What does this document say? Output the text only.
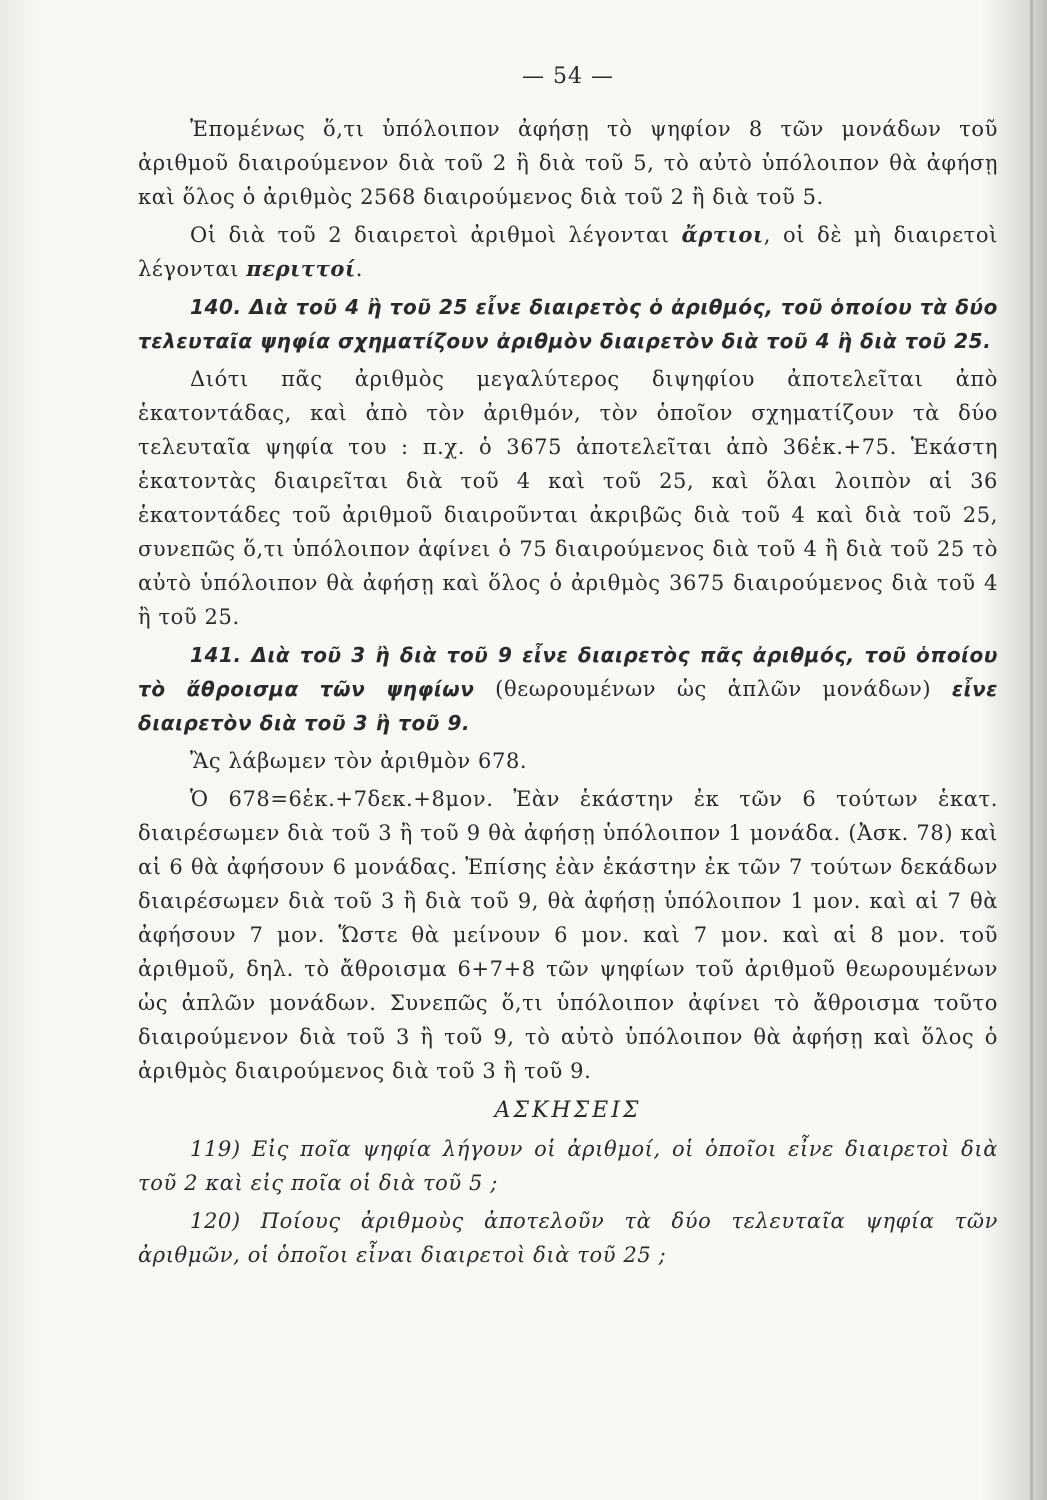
— 54 —

Ἐπομένως ὅ,τι ὑπόλοιπον ἀφήσῃ τὸ ψηφίον 8 τῶν μονάδων τοῦ ἀριθμοῦ διαιρούμενον διὰ τοῦ 2 ἢ διὰ τοῦ 5, τὸ αὐτὸ ὑπόλοιπον θὰ ἀφήσῃ καὶ ὅλος ὁ ἀριθμὸς 2568 διαιρούμενος διὰ τοῦ 2 ἢ διὰ τοῦ 5.

Οἱ διὰ τοῦ 2 διαιρετοὶ ἀριθμοὶ λέγονται ἄρτιοι, οἱ δὲ μὴ διαιρετοὶ λέγονται περιττοί.

140. Διὰ τοῦ 4 ἢ τοῦ 25 εἶνε διαιρετὸς ὁ ἀριθμός, τοῦ ὁποίου τὰ δύο τελευταῖα ψηφία σχηματίζουν ἀριθμὸν διαιρετὸν διὰ τοῦ 4 ἢ διὰ τοῦ 25.

Διότι πᾶς ἀριθμὸς μεγαλύτερος διψηφίου ἀποτελεῖται ἀπὸ ἑκατοντάδας, καὶ ἀπὸ τὸν ἀριθμόν, τὸν ὁποῖον σχηματίζουν τὰ δύο τελευταῖα ψηφία του : π.χ. ὁ 3675 ἀποτελεῖται ἀπὸ 36ἑκ.+75. Ἑκάστη ἑκατοντὰς διαιρεῖται διὰ τοῦ 4 καὶ τοῦ 25, καὶ ὅλαι λοιπὸν αἱ 36 ἑκατοντάδες τοῦ ἀριθμοῦ διαιροῦνται ἀκριβῶς διὰ τοῦ 4 καὶ διὰ τοῦ 25, συνεπῶς ὅ,τι ὑπόλοιπον ἀφίνει ὁ 75 διαιρούμενος διὰ τοῦ 4 ἢ διὰ τοῦ 25 τὸ αὐτὸ ὑπόλοιπον θὰ ἀφήσῃ καὶ ὅλος ὁ ἀριθμὸς 3675 διαιρούμενος διὰ τοῦ 4 ἢ τοῦ 25.

141. Διὰ τοῦ 3 ἢ διὰ τοῦ 9 εἶνε διαιρετὸς πᾶς ἀριθμός, τοῦ ὁποίου τὸ ἄθροισμα τῶν ψηφίων (θεωρουμένων ὡς ἁπλῶν μονάδων) εἶνε διαιρετὸν διὰ τοῦ 3 ἢ τοῦ 9.

Ἂς λάβωμεν τὸν ἀριθμὸν 678.

Ὁ 678=6ἑκ.+7δεκ.+8μον. Ἐὰν ἑκάστην ἐκ τῶν 6 τούτων ἑκατ. διαιρέσωμεν διὰ τοῦ 3 ἢ τοῦ 9 θὰ ἀφήσῃ ὑπόλοιπον 1 μονάδα. (Ἀσκ. 78) καὶ αἱ 6 θὰ ἀφήσουν 6 μονάδας. Ἐπίσης ἐὰν ἑκάστην ἐκ τῶν 7 τούτων δεκάδων διαιρέσωμεν διὰ τοῦ 3 ἢ διὰ τοῦ 9, θὰ ἀφήσῃ ὑπόλοιπον 1 μον. καὶ αἱ 7 θὰ ἀφήσουν 7 μον. Ὥστε θὰ μείνουν 6 μον. καὶ 7 μον. καὶ αἱ 8 μον. τοῦ ἀριθμοῦ, δηλ. τὸ ἄθροισμα 6+7+8 τῶν ψηφίων τοῦ ἀριθμοῦ θεωρουμένων ὡς ἁπλῶν μονάδων. Συνεπῶς ὅ,τι ὑπόλοιπον ἀφίνει τὸ ἄθροισμα τοῦτο διαιρούμενον διὰ τοῦ 3 ἢ τοῦ 9, τὸ αὐτὸ ὑπόλοιπον θὰ ἀφήσῃ καὶ ὅλος ὁ ἀριθμὸς διαιρούμενος διὰ τοῦ 3 ἢ τοῦ 9.

ΑΣΚΗΣΕΙΣ

119) Εἰς ποῖα ψηφία λήγουν οἱ ἀριθμοί, οἱ ὁποῖοι εἶνε διαιρετοὶ διὰ τοῦ 2 καὶ εἰς ποῖα οἱ διὰ τοῦ 5 ;

120) Ποίους ἀριθμοὺς ἀποτελοῦν τὰ δύο τελευταῖα ψηφία τῶν ἀριθμῶν, οἱ ὁποῖοι εἶναι διαιρετοὶ διὰ τοῦ 25 ;
